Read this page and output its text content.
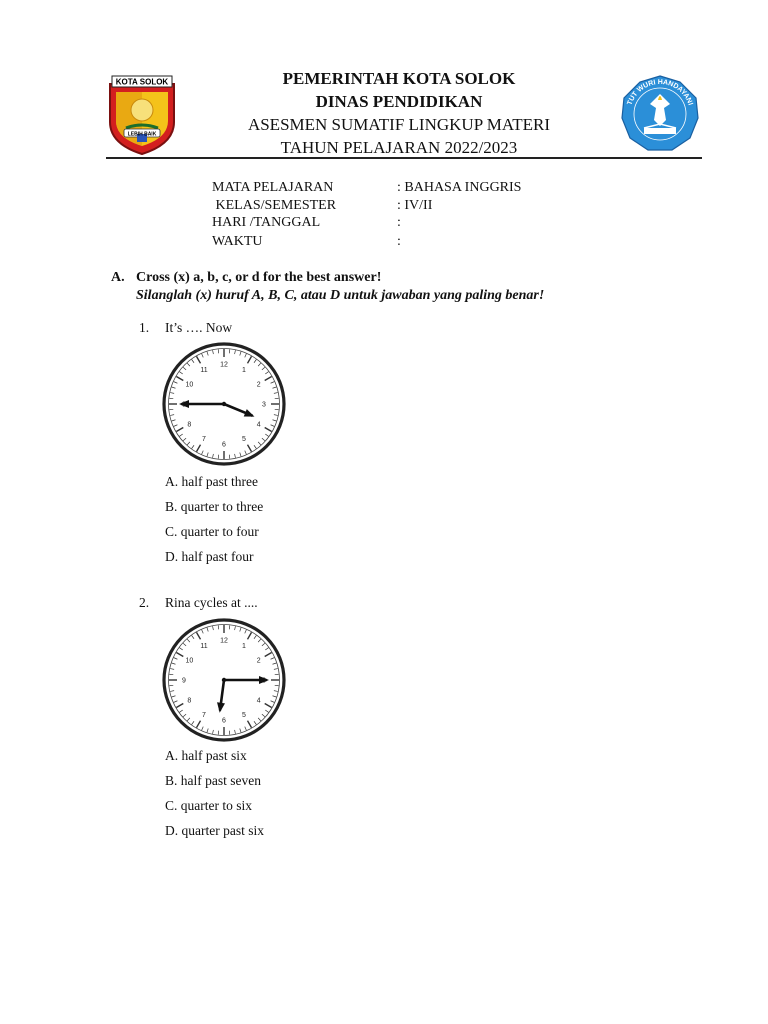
KOTA SOLOK
LEBIH BAIK
TUT WURI HANDAYANI
PEMERINTAH KOTA SOLOK
DINAS PENDIDIKAN
ASESMEN SUMATIF LINGKUP MATERI
TAHUN PELAJARAN 2022/2023
MATA PELAJARAN	: BAHASA INGGRIS
KELAS/SEMESTER	: IV/II
HARI /TANGGAL	:
WAKTU	:
A. Cross (x) a, b, c, or d for the best answer!
Silanglah (x) huruf A, B, C, atau D untuk jawaban yang paling benar!
1. It’s …. Now
1
2
3
4
5
6
7
8
10
11
12
A. half past three
B. quarter to three
C. quarter to four
D. half past four
2. Rina cycles at ....
1
2
4
5
6
7
8
9
10
11
12
A. half past six
B. half past seven
C. quarter to six
D. quarter past six
